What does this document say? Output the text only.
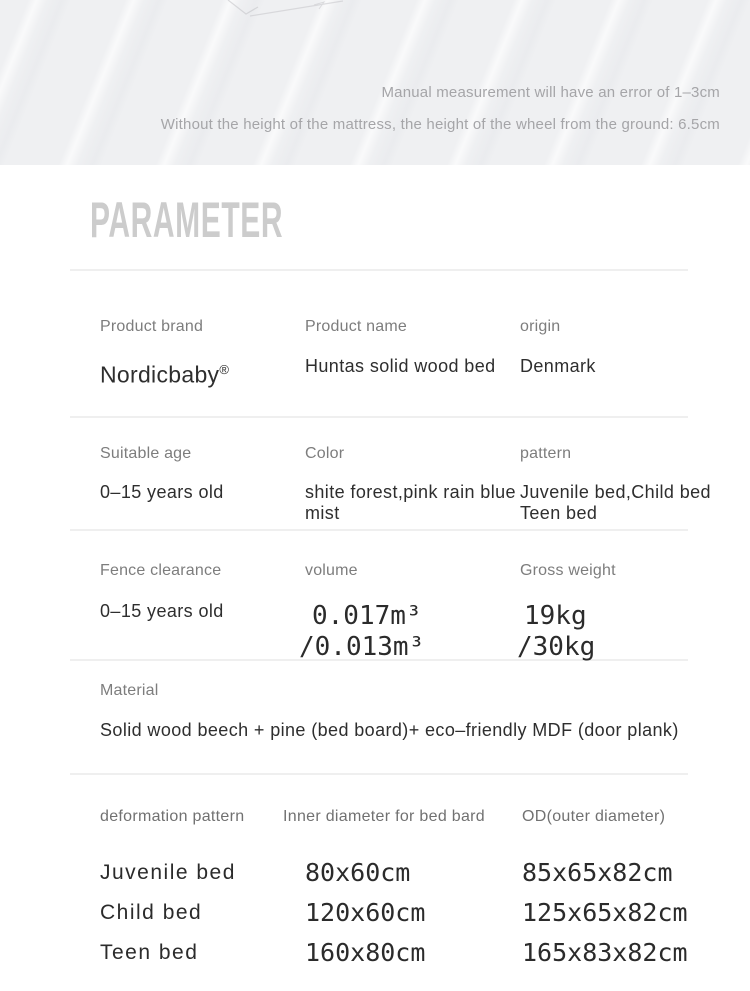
Manual measurement will have an error of 1–3cm

Without the height of the mattress, the height of the wheel from the ground: 6.5cm

PARAMETER

Product brand

Nordicbaby®

Product name

Huntas solid wood bed

origin

Denmark

Suitable age

0–15 years old

Color

shite forest,pink rain blue mist

pattern

Juvenile bed,Child bed Teen bed

Fence clearance

0–15 years old

volume

0.017m³
/0.013m³

Gross weight

19kg
/30kg

Material

Solid wood beech + pine (bed board)+ eco–friendly MDF (door plank)

deformation pattern	Inner diameter for bed bard	OD(outer diameter)
Juvenile bed	80x60cm	85x65x82cm
Child bed	120x60cm	125x65x82cm
Teen bed	160x80cm	165x83x82cm
